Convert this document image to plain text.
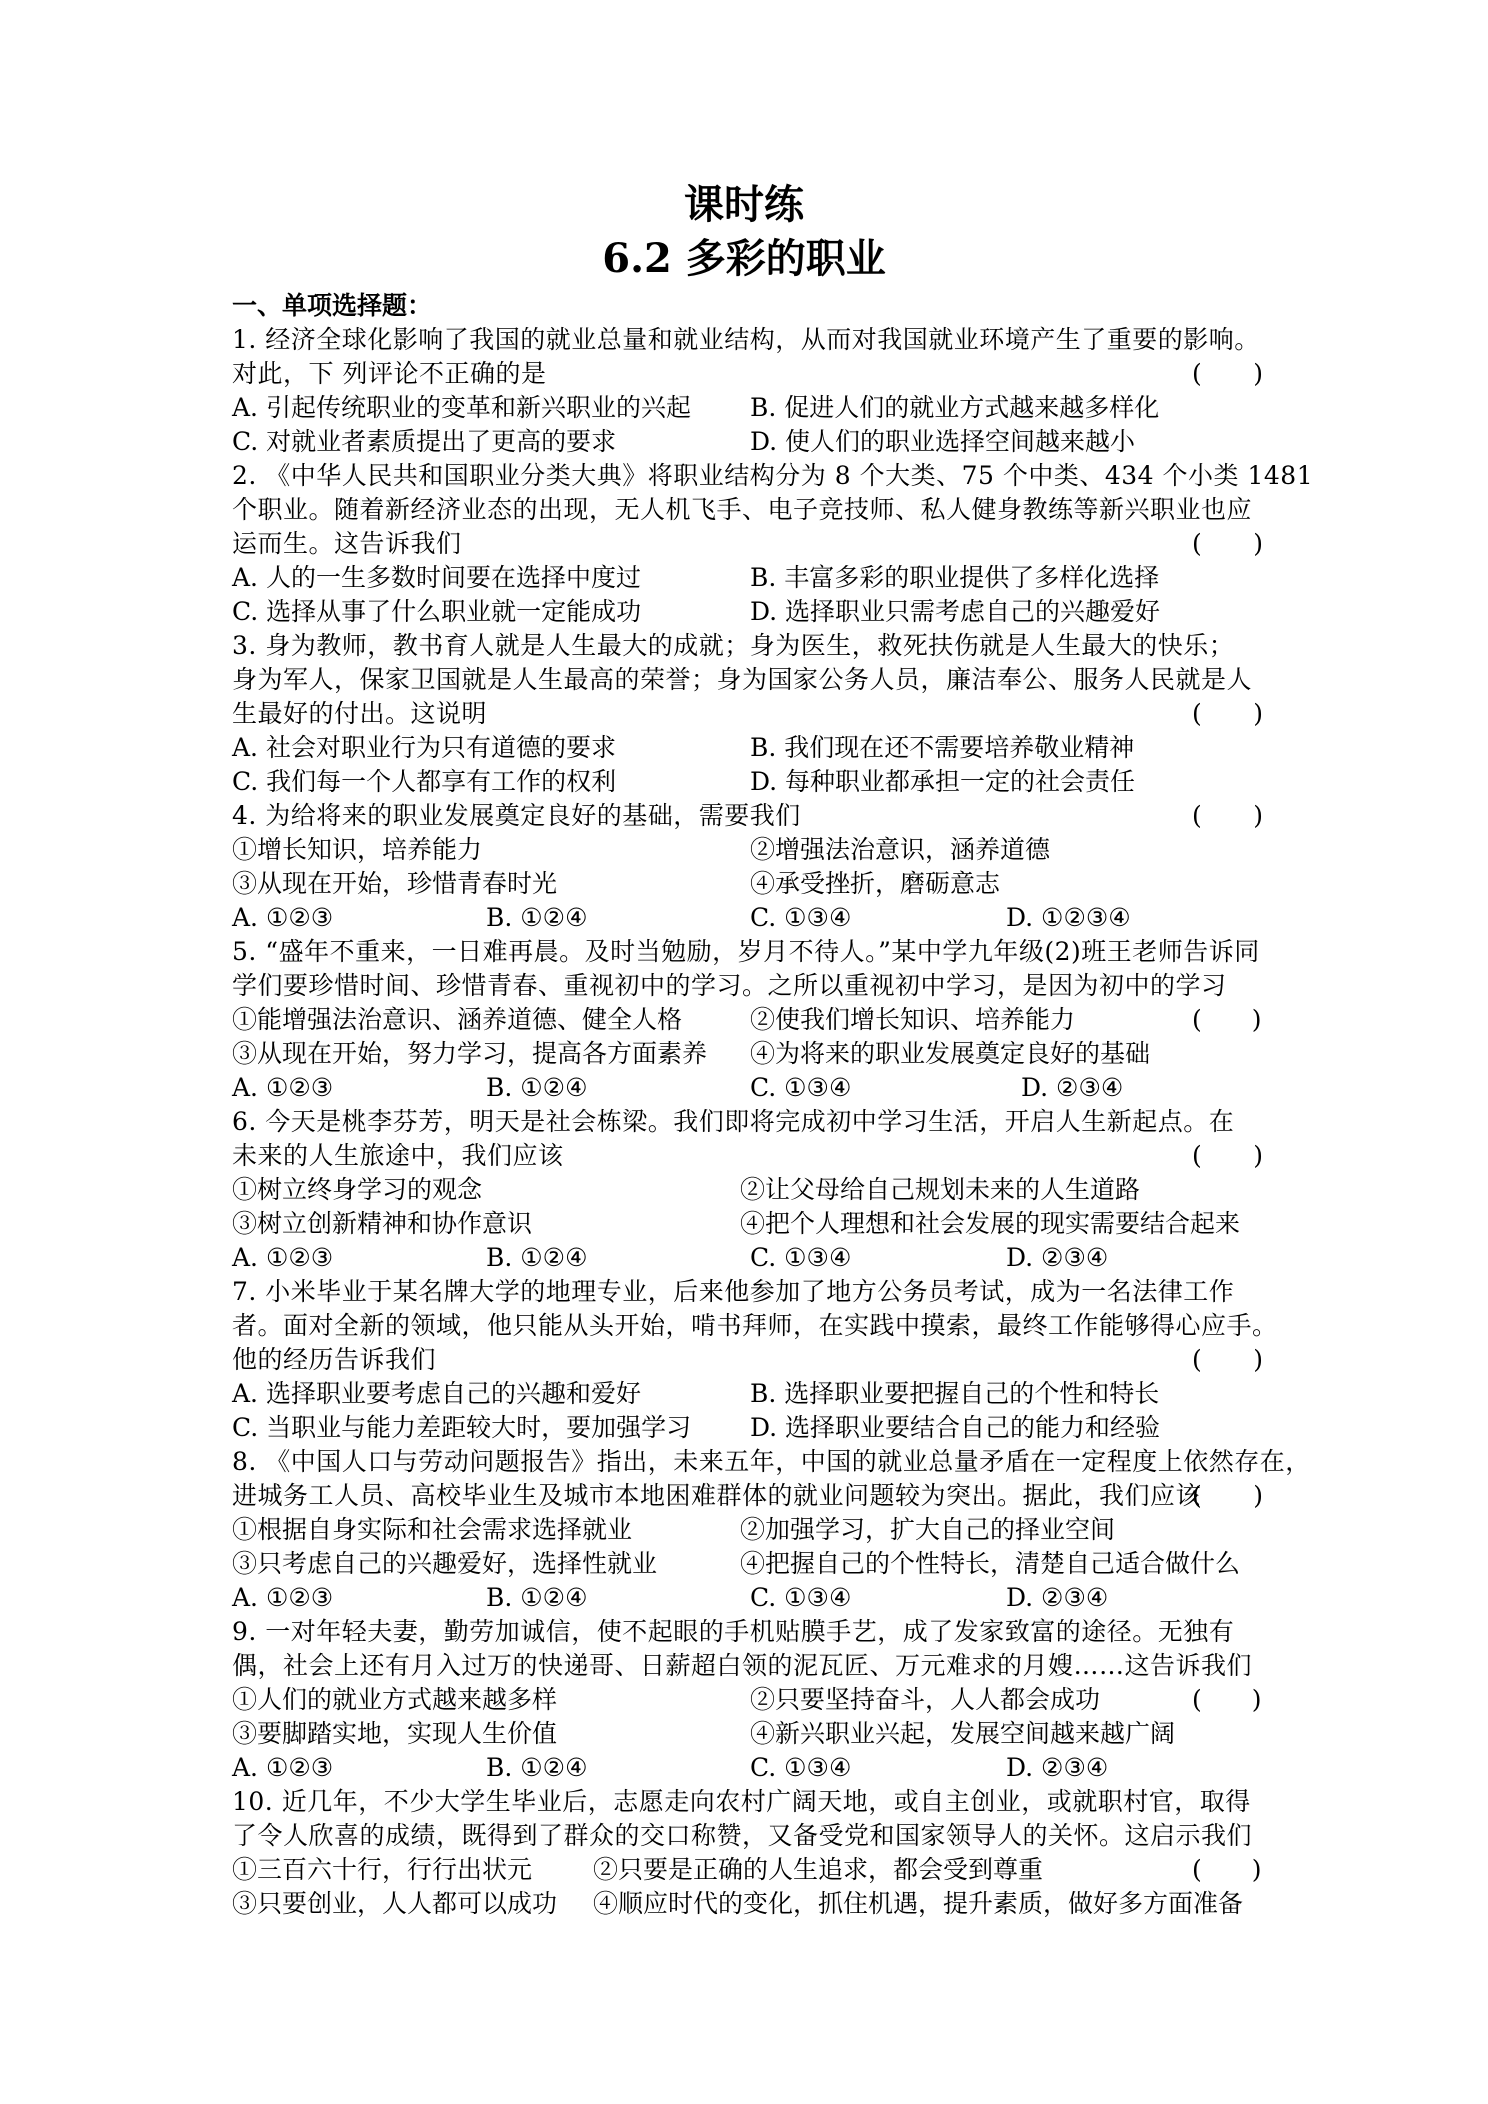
课时练
6.2 多彩的职业
一、单项选择题：
1. 经济全球化影响了我国的就业总量和就业结构，从而对我国就业环境产生了重要的影响。
对此，下 列评论不正确的是	(　　)
A. 引起传统职业的变革和新兴职业的兴起 B. 促进人们的就业方式越来越多样化
C. 对就业者素质提出了更高的要求	D. 使人们的职业选择空间越来越小
2. 《中华人民共和国职业分类大典》将职业结构分为 8 个大类、75 个中类、434 个小类 1481
个职业。随着新经济业态的出现，无人机飞手、电子竞技师、私人健身教练等新兴职业也应
运而生。这告诉我们	(　　)
A. 人的一生多数时间要在选择中度过	B. 丰富多彩的职业提供了多样化选择
C. 选择从事了什么职业就一定能成功	D. 选择职业只需考虑自己的兴趣爱好
3. 身为教师，教书育人就是人生最大的成就；身为医生，救死扶伤就是人生最大的快乐；
身为军人，保家卫国就是人生最高的荣誉；身为国家公务人员，廉洁奉公、服务人民就是人
生最好的付出。这说明	(　　)
A. 社会对职业行为只有道德的要求	B. 我们现在还不需要培养敬业精神
C. 我们每一个人都享有工作的权利	D. 每种职业都承担一定的社会责任
4. 为给将来的职业发展奠定良好的基础，需要我们	(　　)
①增长知识，培养能力	②增强法治意识，涵养道德
③从现在开始，珍惜青春时光	④承受挫折，磨砺意志
A. ①②③	B. ①②④	C. ①③④	D. ①②③④
5. “盛年不重来，一日难再晨。及时当勉励，岁月不待人。”某中学九年级(2)班王老师告诉同
学们要珍惜时间、珍惜青春、重视初中的学习。之所以重视初中学习，是因为初中的学习
①能增强法治意识、涵养道德、健全人格	②使我们增长知识、培养能力	(　　)
③从现在开始，努力学习，提高各方面素养 ④为将来的职业发展奠定良好的基础
A. ①②③	B. ①②④	C. ①③④	D. ②③④
6. 今天是桃李芬芳，明天是社会栋梁。我们即将完成初中学习生活，开启人生新起点。在
未来的人生旅途中，我们应该	(　　)
①树立终身学习的观念	②让父母给自己规划未来的人生道路
③树立创新精神和协作意识	④把个人理想和社会发展的现实需要结合起来
A. ①②③	B. ①②④	C. ①③④	D. ②③④
7. 小米毕业于某名牌大学的地理专业，后来他参加了地方公务员考试，成为一名法律工作
者。面对全新的领域，他只能从头开始，啃书拜师，在实践中摸索，最终工作能够得心应手。
他的经历告诉我们	(　　)
A. 选择职业要考虑自己的兴趣和爱好	B. 选择职业要把握自己的个性和特长
C. 当职业与能力差距较大时，要加强学习 D. 选择职业要结合自己的能力和经验
8. 《中国人口与劳动问题报告》指出，未来五年，中国的就业总量矛盾在一定程度上依然存在，
进城务工人员、高校毕业生及城市本地困难群体的就业问题较为突出。据此，我们应该
(　　)
①根据自身实际和社会需求选择就业	②加强学习，扩大自己的择业空间
③只考虑自己的兴趣爱好，选择性就业	④把握自己的个性特长，清楚自己适合做什么
A. ①②③	B. ①②④	C. ①③④	D. ②③④
9. 一对年轻夫妻，勤劳加诚信，使不起眼的手机贴膜手艺，成了发家致富的途径。无独有
偶，社会上还有月入过万的快递哥、日薪超白领的泥瓦匠、万元难求的月嫂……这告诉我们
①人们的就业方式越来越多样	②只要坚持奋斗，人人都会成功	(　　)
③要脚踏实地，实现人生价值	④新兴职业兴起，发展空间越来越广阔
A. ①②③	B. ①②④	C. ①③④	D. ②③④
10. 近几年，不少大学生毕业后，志愿走向农村广阔天地，或自主创业，或就职村官，取得
了令人欣喜的成绩，既得到了群众的交口称赞，又备受党和国家领导人的关怀。这启示我们
①三百六十行，行行出状元 ②只要是正确的人生追求，都会受到尊重	(　　)
③只要创业，人人都可以成功 ④顺应时代的变化，抓住机遇，提升素质，做好多方面准备
